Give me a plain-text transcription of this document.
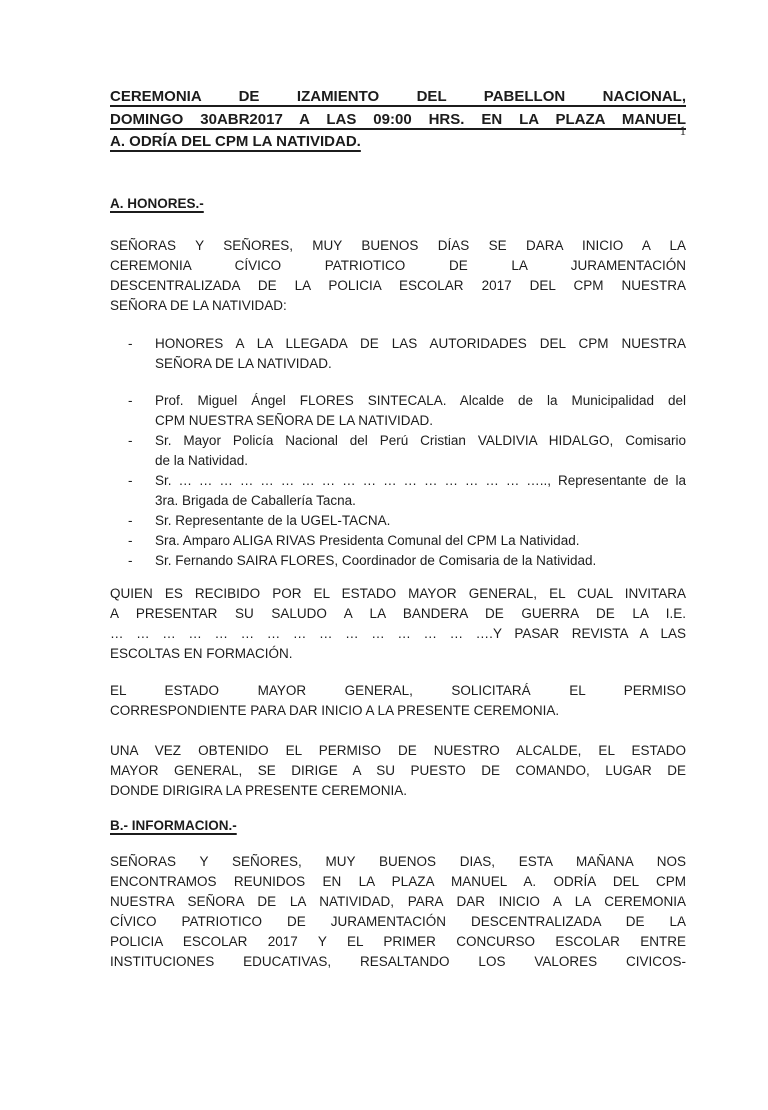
1
CEREMONIA DE IZAMIENTO DEL PABELLON NACIONAL,
DOMINGO 30ABR2017 A LAS 09:00 HRS. EN LA PLAZA MANUEL
A. ODRÍA DEL CPM LA NATIVIDAD.
A. HONORES.-

SEÑORAS Y SEÑORES, MUY BUENOS DÍAS SE DARA INICIO A LA
CEREMONIA CÍVICO PATRIOTICO DE LA JURAMENTACIÓN
DESCENTRALIZADA DE LA POLICIA ESCOLAR 2017 DEL CPM NUESTRA
SEÑORA DE LA NATIVIDAD:

-	HONORES A LA LLEGADA DE LAS AUTORIDADES DEL CPM NUESTRA
SEÑORA DE LA NATIVIDAD.
-	Prof. Miguel Ángel FLORES SINTECALA. Alcalde de la Municipalidad del
CPM NUESTRA SEÑORA DE LA NATIVIDAD.
-	Sr. Mayor Policía Nacional del Perú Cristian VALDIVIA HIDALGO, Comisario
de la Natividad.
-	Sr. … … … … … … … … … … … … … … … … … ….., Representante de la
3ra. Brigada de Caballería Tacna.
-	Sr. Representante de la UGEL-TACNA.
-	Sra. Amparo ALIGA RIVAS Presidenta Comunal del CPM La Natividad.
-	Sr. Fernando SAIRA FLORES, Coordinador de Comisaria de la Natividad.

QUIEN ES RECIBIDO POR EL ESTADO MAYOR GENERAL, EL CUAL INVITARA
A PRESENTAR SU SALUDO A LA BANDERA DE GUERRA DE LA I.E.
… … … … … … … … … … … … … … ….Y PASAR REVISTA A LAS
ESCOLTAS EN FORMACIÓN.

EL ESTADO MAYOR GENERAL, SOLICITARÁ EL PERMISO
CORRESPONDIENTE PARA DAR INICIO A LA PRESENTE CEREMONIA.

UNA VEZ OBTENIDO EL PERMISO DE NUESTRO ALCALDE, EL ESTADO
MAYOR GENERAL, SE DIRIGE A SU PUESTO DE COMANDO, LUGAR DE
DONDE DIRIGIRA LA PRESENTE CEREMONIA.

B.- INFORMACION.-

SEÑORAS Y SEÑORES, MUY BUENOS DIAS, ESTA MAÑANA NOS
ENCONTRAMOS REUNIDOS EN LA PLAZA MANUEL A. ODRÍA DEL CPM
NUESTRA SEÑORA DE LA NATIVIDAD, PARA DAR INICIO A LA CEREMONIA
CÍVICO PATRIOTICO DE JURAMENTACIÓN DESCENTRALIZADA DE LA
POLICIA ESCOLAR 2017 Y EL PRIMER CONCURSO ESCOLAR ENTRE
INSTITUCIONES EDUCATIVAS, RESALTANDO LOS VALORES CIVICOS-
